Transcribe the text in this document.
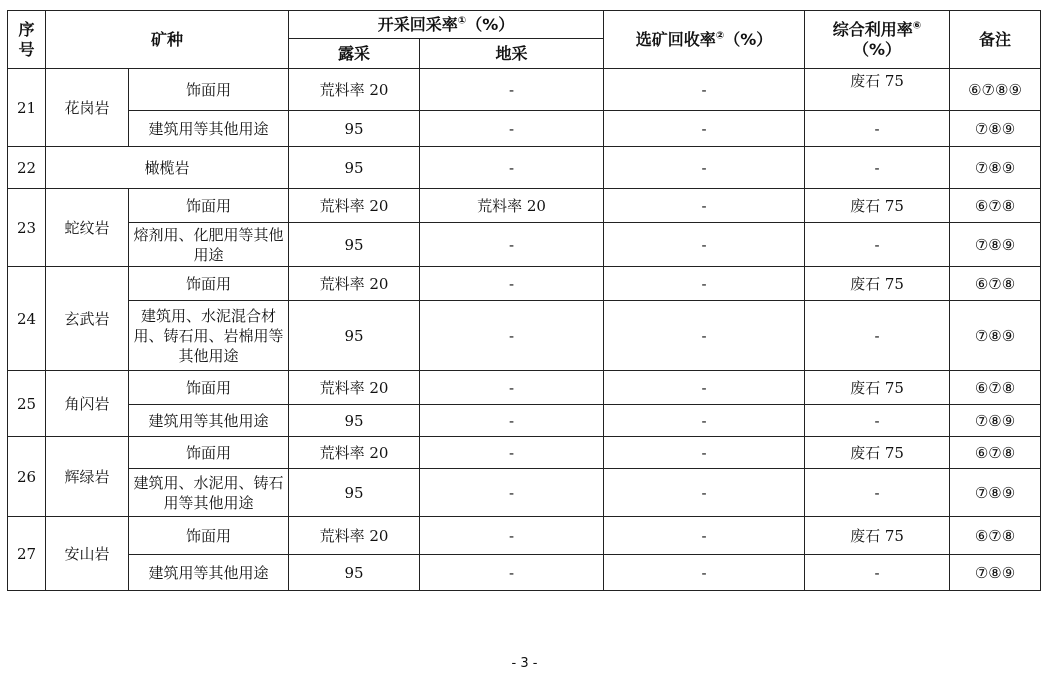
序号	矿种		开采回采率①（%）		选矿回收率②（%）	综合利用率⑥（%）	备注
			露采	地采			
21	花岗岩	饰面用	荒料率 20	-	-	废石 75	⑥⑦⑧⑨
		建筑用等其他用途	95	-	-	-	⑦⑧⑨
22	橄榄岩		95	-	-	-	⑦⑧⑨
23	蛇纹岩	饰面用	荒料率 20	荒料率 20	-	废石 75	⑥⑦⑧
		熔剂用、化肥用等其他用途	95	-	-	-	⑦⑧⑨
24	玄武岩	饰面用	荒料率 20	-	-	废石 75	⑥⑦⑧
		建筑用、水泥混合材用、铸石用、岩棉用等其他用途	95	-	-	-	⑦⑧⑨
25	角闪岩	饰面用	荒料率 20	-	-	废石 75	⑥⑦⑧
		建筑用等其他用途	95	-	-	-	⑦⑧⑨
26	辉绿岩	饰面用	荒料率 20	-	-	废石 75	⑥⑦⑧
		建筑用、水泥用、铸石用等其他用途	95	-	-	-	⑦⑧⑨
27	安山岩	饰面用	荒料率 20	-	-	废石 75	⑥⑦⑧
		建筑用等其他用途	95	-	-	-	⑦⑧⑨
- 3 -
